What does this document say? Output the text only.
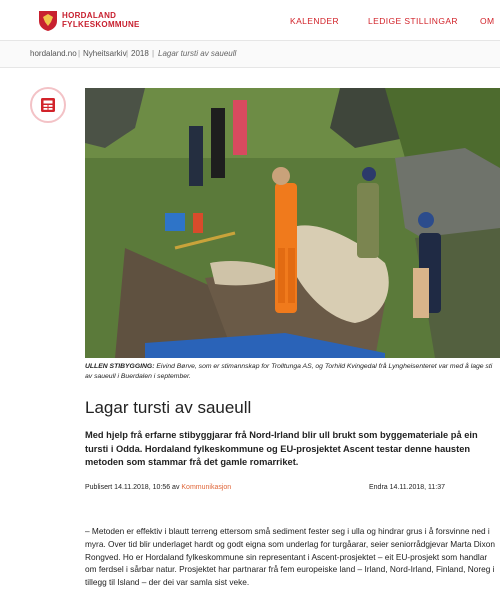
HORDALAND
FYLKESKOMMUNE	KALENDER	LEDIGE STILLINGAR	OM
hordaland.no | Nyheitsarkiv | 2018 | Lagar tursti av saueull
ULLEN STIBYGGING: Eivind Børve, som er stimannskap for Trolltunga AS, og Torhild Kvingedal frå Lyngheisenteret var med å lage sti av saueull i Buerdalen i september.
Lagar tursti av saueull

Med hjelp frå erfarne stibyggjarar frå Nord-Irland blir ull brukt som byggemateriale på ein tursti i Odda. Hordaland fylkeskommune og EU-prosjektet Ascent testar denne hausten metoden som stammar frå det gamle romarriket.

Publisert 14.11.2018, 10:56 av Kommunikasjon	Endra 14.11.2018, 11:37

– Metoden er effektiv i blautt terreng ettersom små sediment fester seg i ulla og hindrar grus i å forsvinne ned i myra. Over tid blir underlaget hardt og godt eigna som underlag for turgåarar, seier seniorrådgjevar Marta Dixon Rongved. Ho er Hordaland fylkeskommune sin representant i Ascent-prosjektet – eit EU-prosjekt som handlar om ferdsel i sårbar natur. Prosjektet har partnarar frå fem europeiske land – Irland, Nord-Irland, Finland, Noreg i tillegg til Island – der dei var samla sist veke.
